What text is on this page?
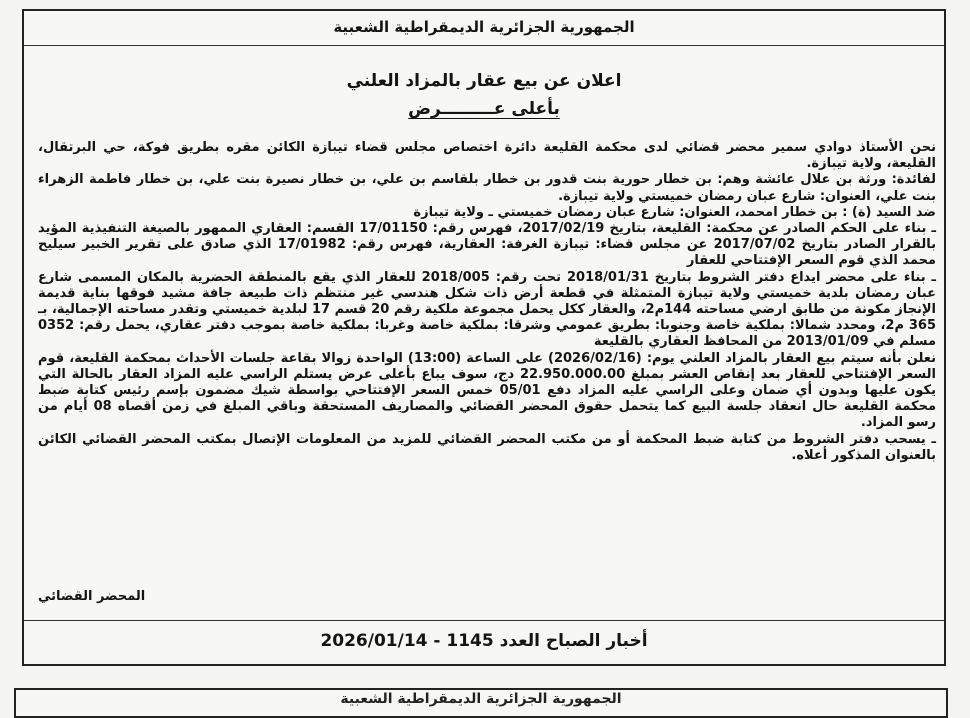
الجمهورية الجزائرية الديمقراطية الشعبية
اعلان عن بيع عقار بالمزاد العلني
بأعلى عـــــــــرض

نحن الأستاذ دوادي سمير محضر قضائي لدى محكمة القليعة دائرة اختصاص مجلس قضاء تيبازة الكائن مقره بطريق فوكة، حي البرتقال، القليعة، ولاية تيبازة.

لفائدة: ورثة بن علال عائشة وهم: بن خطار حورية بنت قدور بن خطار بلقاسم بن علي، بن خطار نصيرة بنت علي، بن خطار فاطمة الزهراء بنت علي، العنوان: شارع عبان رمضان خميستي ولاية تيبازة.

ضد السيد (ة) : بن خطار امحمد، العنوان: شارع عبان رمضان خميستي ـ ولاية تيبازة

ـ بناء على الحكم الصادر عن محكمة: القليعة، بتاريخ 2017/02/19، فهرس رقم: 17/01150 القسم: العقاري الممهور بالصيغة التنفيذية المؤيد بالقرار الصادر بتاريخ 2017/07/02 عن مجلس قضاء: تيبازة الغرفة: العقارية، فهرس رقم: 17/01982 الذي صادق على تقرير الخبير سيليح محمد الذي قوم السعر الإفتتاحي للعقار

ـ بناء على محضر ايداع دفتر الشروط بتاريخ 2018/01/31 تحت رقم: 2018/005 للعقار الذي يقع بالمنطقة الحضرية بالمكان المسمى شارع عبان رمضان بلدية خميستي ولاية تيبازة المتمثلة في قطعة أرض ذات شكل هندسي غير منتظم ذات طبيعة جافة مشيد فوقها بناية قديمة الإنجاز مكونة من طابق ارضي مساحته 144م2، والعقار ككل يحمل مجموعة ملكية رقم 20 قسم 17 لبلدية خميستي وتقدر مساحته الإجمالية، بـ 365 م2، ومحدد شمالا: بملكية خاصة وجنوبا: بطريق عمومي وشرقا: بملكية خاصة وغربا: بملكية خاصة بموجب دفتر عقاري، يحمل رقم: 0352 مسلم في 2013/01/09 من المحافظ العقاري بالقليعة

نعلن بأنه سيتم بيع العقار بالمزاد العلني يوم: (2026/02/16) على الساعة (13:00) الواحدة زوالا بقاعة جلسات الأحداث بمحكمة القليعة، قوم السعر الإفتتاحي للعقار بعد إنقاص العشر بمبلغ 22.950.000.00 دج، سوف يباع بأعلى عرض يستلم الراسي عليه المزاد العقار بالحالة التي يكون عليها وبدون أي ضمان وعلى الراسي عليه المزاد دفع 05/01 خمس السعر الإفتتاحي بواسطة شيك مضمون بإسم رئيس كتابة ضبط محكمة القليعة حال انعقاد جلسة البيع كما يتحمل حقوق المحضر القضائي والمصاريف المستحقة وباقي المبلغ في زمن أقصاه 08 أيام من رسو المزاد.

ـ يسحب دفتر الشروط من كتابة ضبط المحكمة أو من مكتب المحضر القضائي للمزيد من المعلومات الإتصال بمكتب المحضر القضائي الكائن بالعنوان المذكور أعلاه.

المحضر القضائي
أخبار الصباح العدد 1145 - 2026/01/14
الجمهورية الجزائرية الديمقراطية الشعبية
